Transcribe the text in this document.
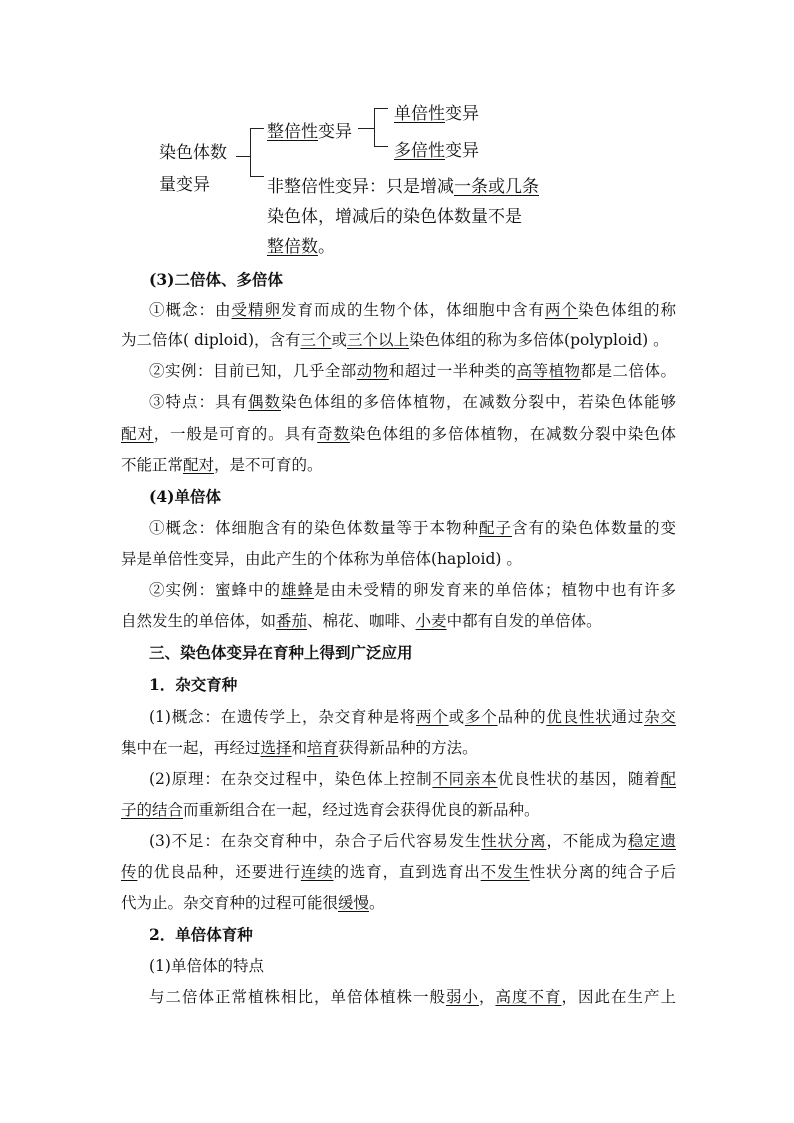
染色体数
量变异
整倍性变异
单倍性变异
多倍性变异
非整倍性变异：只是增减一条或几条
染色体，增减后的染色体数量不是
整倍数。
(3)二倍体、多倍体
①概念：由受精卵发育而成的生物个体，体细胞中含有两个染色体组的称
为二倍体( diploid)，含有三个或三个以上染色体组的称为多倍体(polyploid) 。
②实例：目前已知，几乎全部动物和超过一半种类的高等植物都是二倍体。
③特点：具有偶数染色体组的多倍体植物，在减数分裂中，若染色体能够
配对，一般是可育的。具有奇数染色体组的多倍体植物，在减数分裂中染色体
不能正常配对，是不可育的。
(4)单倍体
①概念：体细胞含有的染色体数量等于本物种配子含有的染色体数量的变
异是单倍性变异，由此产生的个体称为单倍体(haploid) 。
②实例：蜜蜂中的雄蜂是由未受精的卵发育来的单倍体；植物中也有许多
自然发生的单倍体，如番茄、棉花、咖啡、小麦中都有自发的单倍体。
三、染色体变异在育种上得到广泛应用
1．杂交育种
(1)概念：在遗传学上，杂交育种是将两个或多个品种的优良性状通过杂交
集中在一起，再经过选择和培育获得新品种的方法。
(2)原理：在杂交过程中，染色体上控制不同亲本优良性状的基因，随着配
子的结合而重新组合在一起，经过选育会获得优良的新品种。
(3)不足：在杂交育种中，杂合子后代容易发生性状分离，不能成为稳定遗
传的优良品种，还要进行连续的选育，直到选育出不发生性状分离的纯合子后
代为止。杂交育种的过程可能很缓慢。
2．单倍体育种
(1)单倍体的特点
与二倍体正常植株相比，单倍体植株一般弱小，高度不育，因此在生产上
